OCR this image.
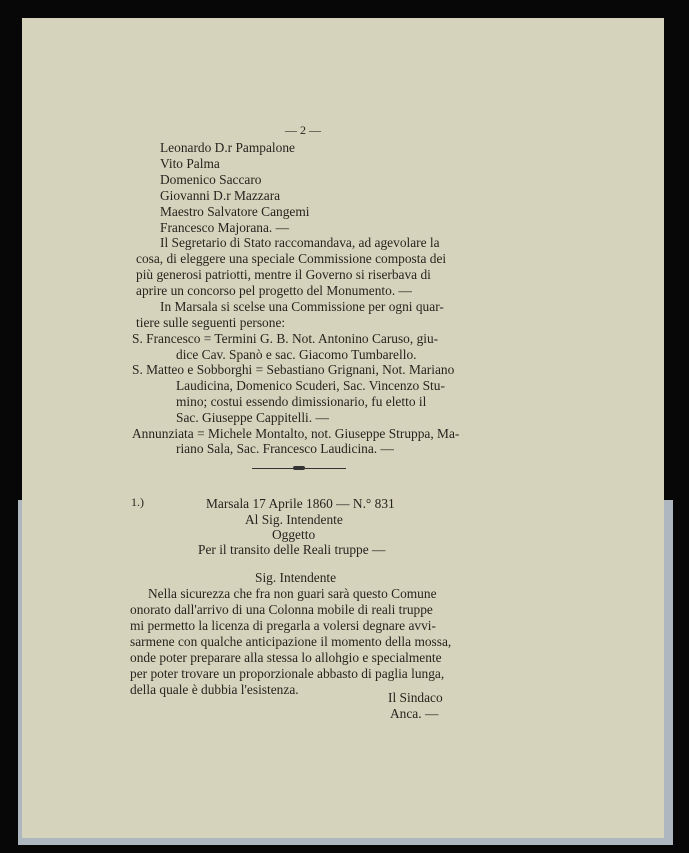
— 2 —
Leonardo D.r Pampalone
Vito Palma
Domenico Saccaro
Giovanni D.r Mazzara
Maestro Salvatore Cangemi
Francesco Majorana. —
Il Segretario di Stato raccomandava, ad agevolare la
cosa, di eleggere una speciale Commissione composta dei
più generosi patriotti, mentre il Governo si riserbava di
aprire un concorso pel progetto del Monumento. —
In Marsala si scelse una Commissione per ogni quar-
tiere sulle seguenti persone:
S. Francesco = Termini G. B. Not. Antonino Caruso, giu-
dice Cav. Spanò e sac. Giacomo Tumbarello.
S. Matteo e Sobborghi = Sebastiano Grignani, Not. Mariano
Laudicina, Domenico Scuderi, Sac. Vincenzo Stu-
mino; costui essendo dimissionario, fu eletto il
Sac. Giuseppe Cappitelli. —
Annunziata = Michele Montalto, not. Giuseppe Struppa, Ma-
riano Sala, Sac. Francesco Laudicina. —
1.)	Marsala 17 Aprile 1860 — N.° 831
Al Sig. Intendente
Oggetto
Per il transito delle Reali truppe —
Sig. Intendente
Nella sicurezza che fra non guari sarà questo Comune
onorato dall'arrivo di una Colonna mobile di reali truppe
mi permetto la licenza di pregarla a volersi degnare avvi-
sarmene con qualche anticipazione il momento della mossa,
onde poter preparare alla stessa lo allohgio e specialmente
per poter trovare un proporzionale abbasto di paglia lunga,
della quale è dubbia l'esistenza.
Il Sindaco
Anca. —
